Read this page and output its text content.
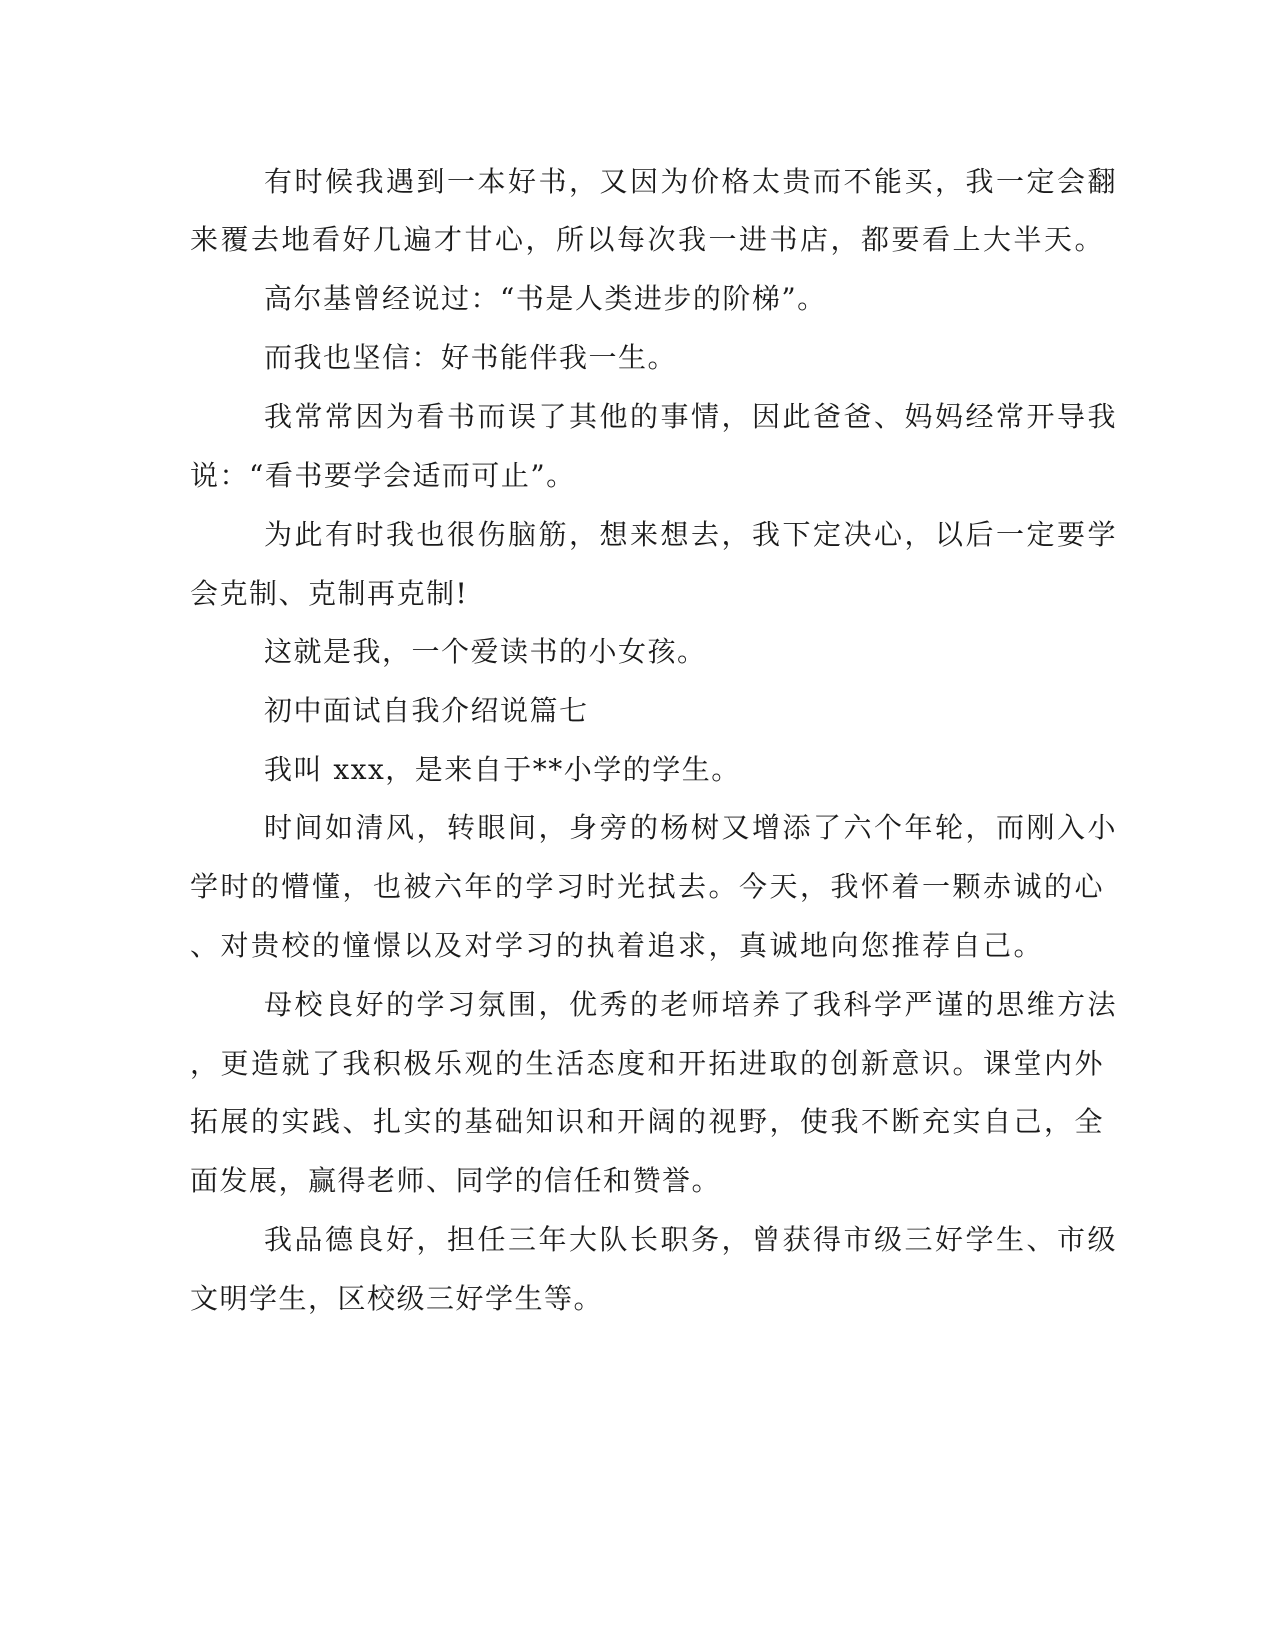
有时候我遇到一本好书，又因为价格太贵而不能买，我一定会翻
来覆去地看好几遍才甘心，所以每次我一进书店，都要看上大半天。
高尔基曾经说过：“书是人类进步的阶梯”。
而我也坚信：好书能伴我一生。
我常常因为看书而误了其他的事情，因此爸爸、妈妈经常开导我
说：“看书要学会适而可止”。
为此有时我也很伤脑筋，想来想去，我下定决心，以后一定要学
会克制、克制再克制!
这就是我，一个爱读书的小女孩。
初中面试自我介绍说篇七
我叫 xxx，是来自于**小学的学生。
时间如清风，转眼间，身旁的杨树又增添了六个年轮，而刚入小
学时的懵懂，也被六年的学习时光拭去。今天，我怀着一颗赤诚的心
、对贵校的憧憬以及对学习的执着追求，真诚地向您推荐自己。
母校良好的学习氛围，优秀的老师培养了我科学严谨的思维方法
，更造就了我积极乐观的生活态度和开拓进取的创新意识。课堂内外
拓展的实践、扎实的基础知识和开阔的视野，使我不断充实自己，全
面发展，赢得老师、同学的信任和赞誉。
我品德良好，担任三年大队长职务，曾获得市级三好学生、市级
文明学生，区校级三好学生等。
